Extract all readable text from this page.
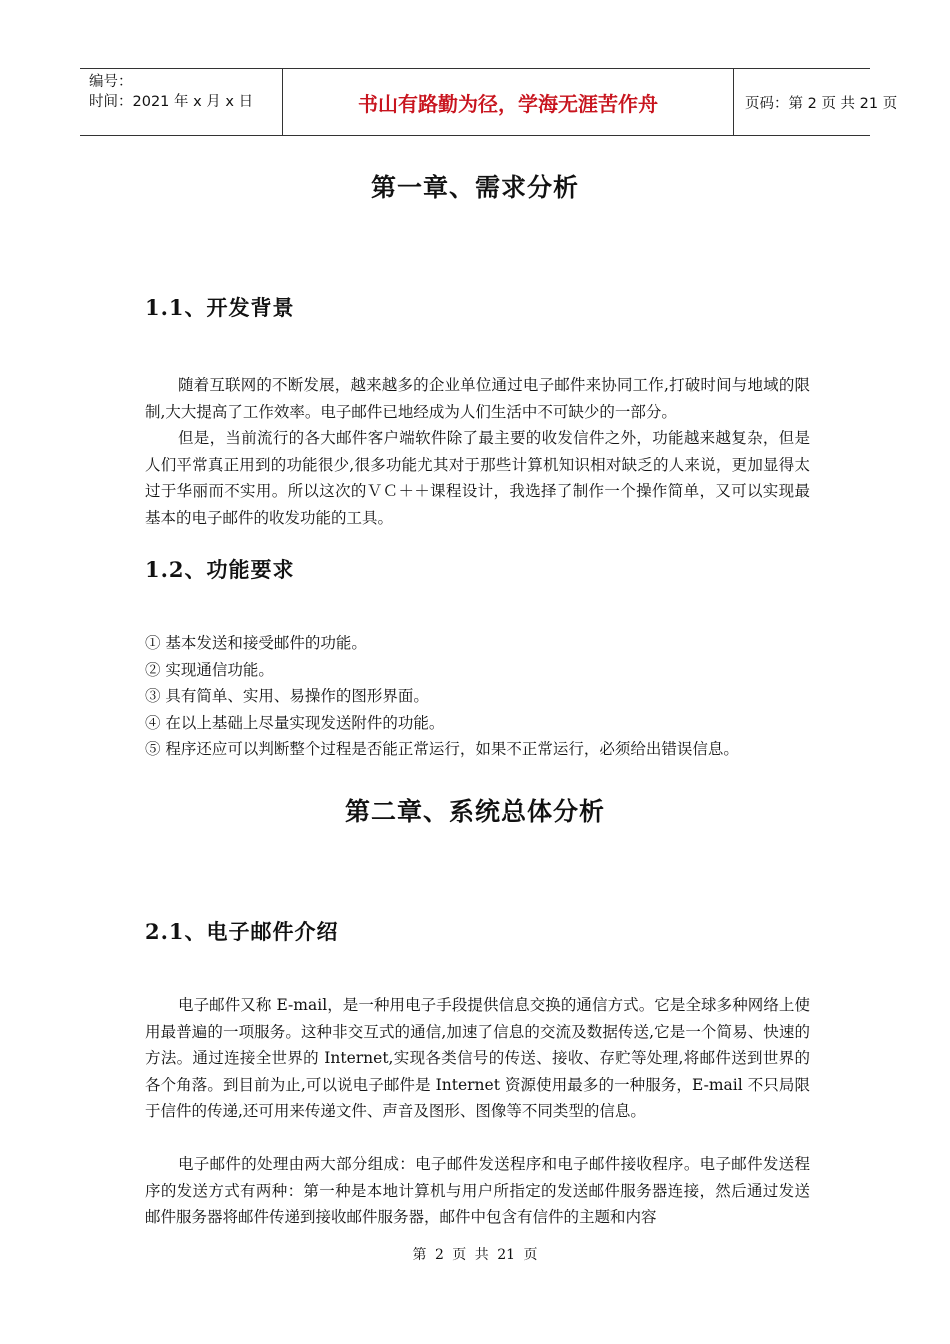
编号：
时间：2021 年 x 月 x 日	书山有路勤为径，学海无涯苦作舟	页码：第 2 页 共 21 页
第一章、需求分析
1.1、开发背景

随着互联网的不断发展，越来越多的企业单位通过电子邮件来协同工作,打破时间与地域的限制,大大提高了工作效率。电子邮件已地经成为人们生活中不可缺少的一部分。

但是，当前流行的各大邮件客户端软件除了最主要的收发信件之外，功能越来越复杂，但是人们平常真正用到的功能很少,很多功能尤其对于那些计算机知识相对缺乏的人来说，更加显得太过于华丽而不实用。所以这次的ＶＣ＋＋课程设计，我选择了制作一个操作简单，又可以实现最基本的电子邮件的收发功能的工具。

1.2、功能要求
① 基本发送和接受邮件的功能。
② 实现通信功能。
③ 具有简单、实用、易操作的图形界面。
④ 在以上基础上尽量实现发送附件的功能。
⑤ 程序还应可以判断整个过程是否能正常运行，如果不正常运行，必须给出错误信息。
第二章、系统总体分析
2.1、电子邮件介绍

电子邮件又称 E-mail，是一种用电子手段提供信息交换的通信方式。它是全球多种网络上使用最普遍的一项服务。这种非交互式的通信,加速了信息的交流及数据传送,它是一个简易、快速的方法。通过连接全世界的 Internet,实现各类信号的传送、接收、存贮等处理,将邮件送到世界的各个角落。到目前为止,可以说电子邮件是 Internet 资源使用最多的一种服务，E-mail 不只局限于信件的传递,还可用来传递文件、声音及图形、图像等不同类型的信息。

电子邮件的处理由两大部分组成：电子邮件发送程序和电子邮件接收程序。电子邮件发送程序的发送方式有两种：第一种是本地计算机与用户所指定的发送邮件服务器连接，然后通过发送邮件服务器将邮件传递到接收邮件服务器，邮件中包含有信件的主题和内容

第 2 页 共 21 页
